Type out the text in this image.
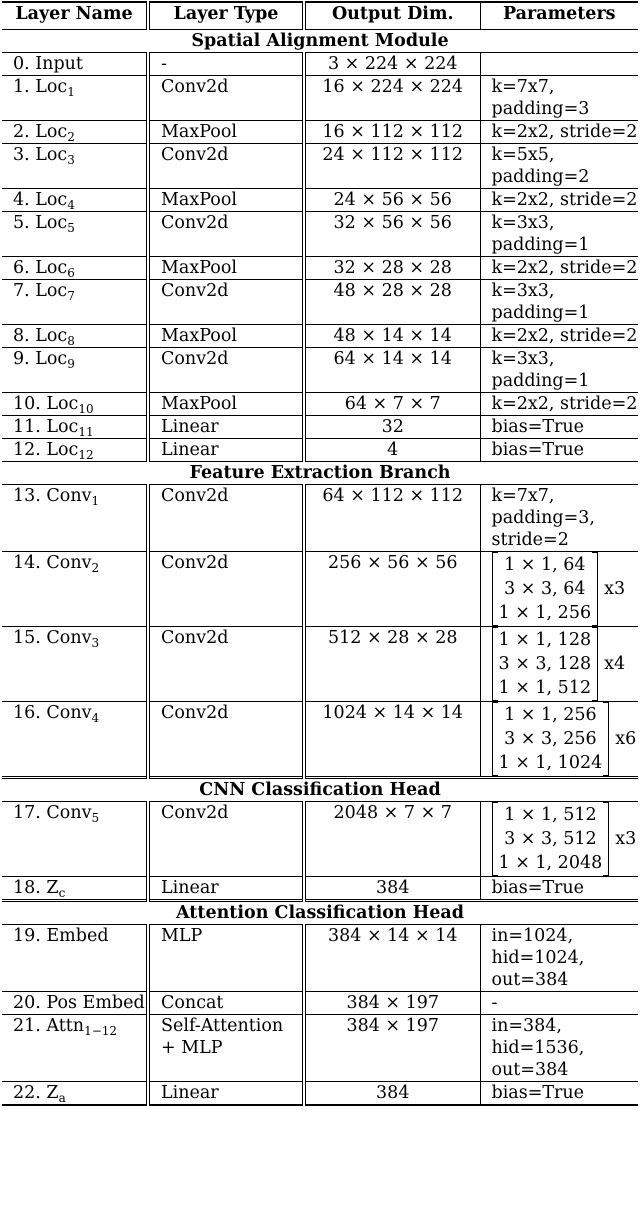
Layer Name	Layer Type	Output Dim.	Parameters
Spatial Alignment Module			
0. Input	-	3 × 224 × 224	
1. Loc$_1$	Conv2d	16 × 224 × 224	k=7x7, padding=3
2. Loc$_2$	MaxPool	16 × 112 × 112	k=2x2, stride=2
3. Loc$_3$	Conv2d	24 × 112 × 112	k=5x5, padding=2
4. Loc$_4$	MaxPool	24 × 56 × 56	k=2x2, stride=2
5. Loc$_5$	Conv2d	32 × 56 × 56	k=3x3, padding=1
6. Loc$_6$	MaxPool	32 × 28 × 28	k=2x2, stride=2
7. Loc$_7$	Conv2d	48 × 28 × 28	k=3x3, padding=1
8. Loc$_8$	MaxPool	48 × 14 × 14	k=2x2, stride=2
9. Loc$_9$	Conv2d	64 × 14 × 14	k=3x3, padding=1
10. Loc$_{10}$	MaxPool	64 × 7 × 7	k=2x2, stride=2
11. Loc$_{11}$	Linear	32	bias=True
12. Loc$_{12}$	Linear	4	bias=True
Feature Extraction Branch			
13. Conv$_1$	Conv2d	64 × 112 × 112	k=7x7, padding=3, stride=2
14. Conv$_2$	Conv2d	256 × 56 × 56	1 × 1, 64
3 × 3, 64
1 × 1, 256
x3

15. Conv$_3$	Conv2d	512 × 28 × 28	1 × 1, 128
3 × 3, 128
1 × 1, 512
x4

16. Conv$_4$	Conv2d	1024 × 14 × 14	1 × 1, 256
3 × 3, 256
1 × 1, 1024
x6

CNN Classification Head			
17. Conv$_5$	Conv2d	2048 × 7 × 7	1 × 1, 512
3 × 3, 512
1 × 1, 2048
x3

18. $Z_c$	Linear	384	bias=True
Attention Classification Head			
19. Embed	MLP	384 × 14 × 14	in=1024, hid=1024, out=384
20. Pos Embed	Concat	384 × 197	-
21. Attn$_{1-12}$	Self-Attention + MLP	384 × 197	in=384, hid=1536, out=384
22. $Z_a$	Linear	384	bias=True
